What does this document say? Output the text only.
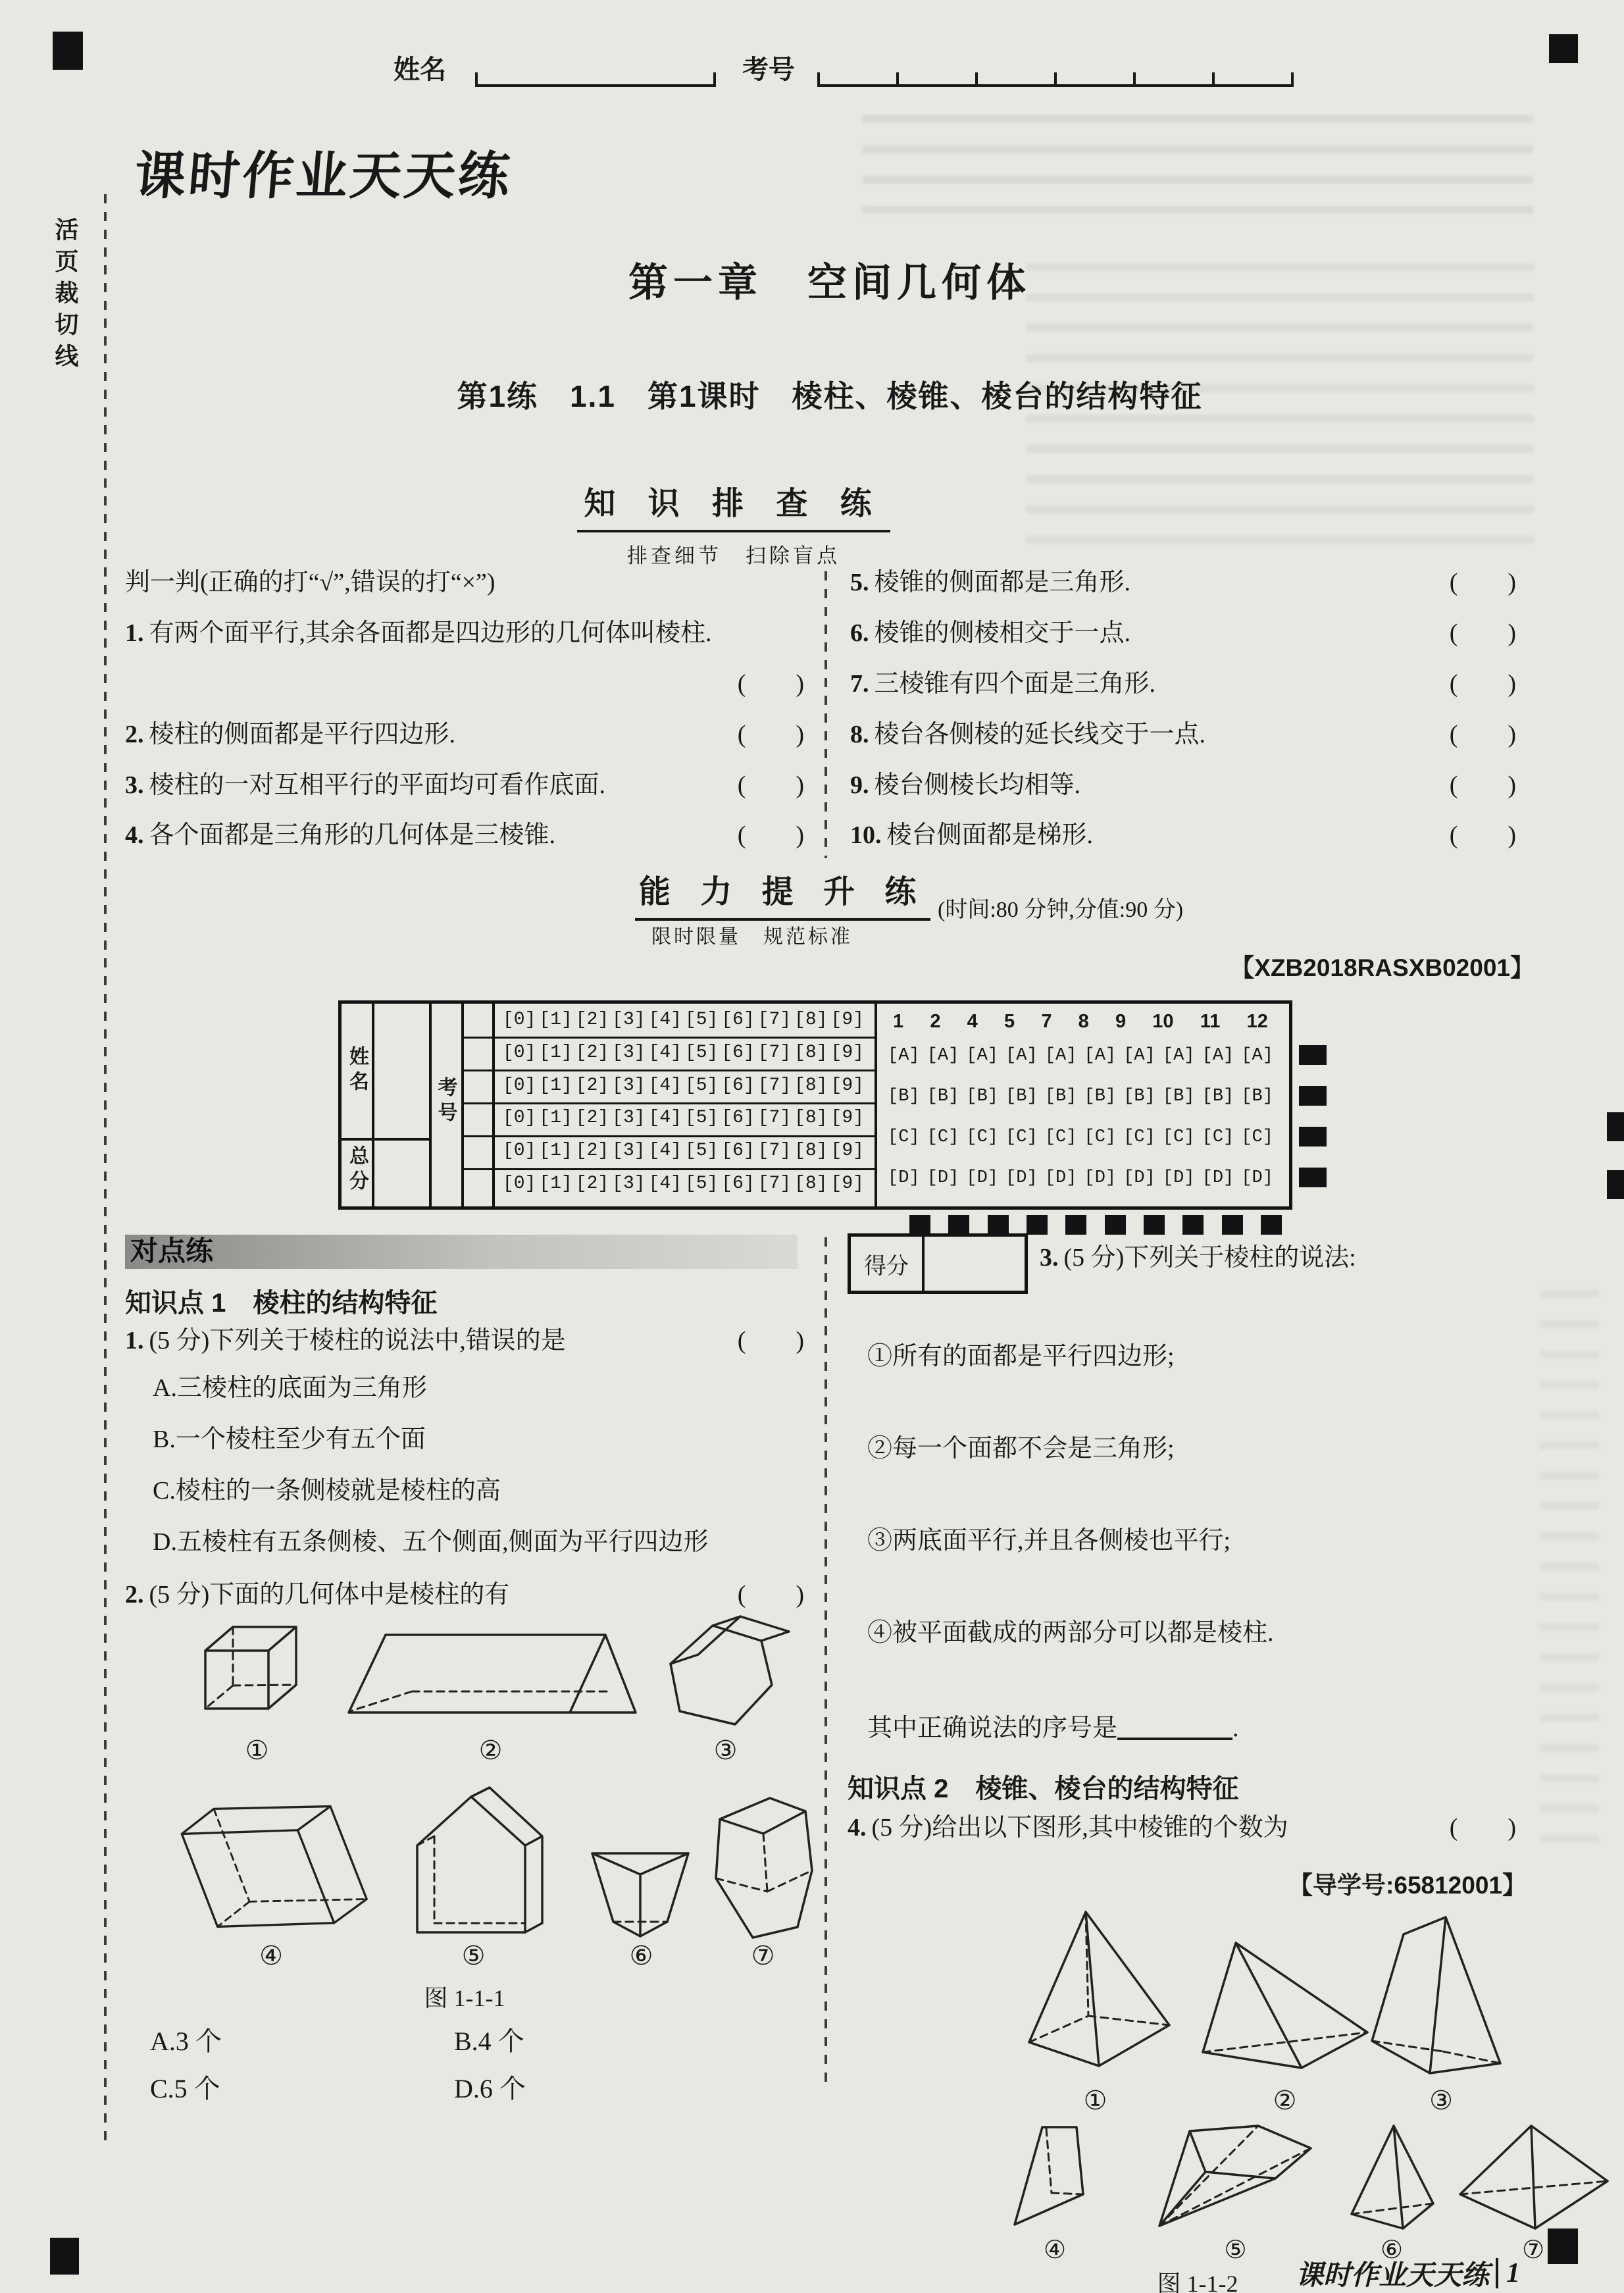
姓名	考号
活页裁切线
课时作业天天练
第一章　空间几何体
第1练　1.1　第1课时　棱柱、棱锥、棱台的结构特征
知 识 排 查 练
排查细节　扫除盲点
判一判(正确的打“√”,错误的打“×”)
1. 有两个面平行,其余各面都是四边形的几何体叫棱柱.
(　　)
2. 棱柱的侧面都是平行四边形.	(　　)
3. 棱柱的一对互相平行的平面均可看作底面.	(　　)
4. 各个面都是三角形的几何体是三棱锥.	(　　)
5. 棱锥的侧面都是三角形.	(　　)
6. 棱锥的侧棱相交于一点.	(　　)
7. 三棱锥有四个面是三角形.	(　　)
8. 棱台各侧棱的延长线交于一点.	(　　)
9. 棱台侧棱长均相等.	(　　)
10. 棱台侧面都是梯形.	(　　)
能 力 提 升 练
限时限量　规范标准
(时间:80 分钟,分值:90 分)
【XZB2018RASXB02001】
姓名
总分
考号
[0] [1] [2] [3] [4] [5] [6] [7] [8] [9]
[0] [1] [2] [3] [4] [5] [6] [7] [8] [9]
[0] [1] [2] [3] [4] [5] [6] [7] [8] [9]
[0] [1] [2] [3] [4] [5] [6] [7] [8] [9]
[0] [1] [2] [3] [4] [5] [6] [7] [8] [9]
[0] [1] [2] [3] [4] [5] [6] [7] [8] [9]
1 2 4 5 7 8 9 10 11 12
[A] [A] [A] [A] [A] [A] [A] [A] [A] [A]
[B] [B] [B] [B] [B] [B] [B] [B] [B] [B]
[C] [C] [C] [C] [C] [C] [C] [C] [C] [C]
[D] [D] [D] [D] [D] [D] [D] [D] [D] [D]
对点练
知识点 1 棱柱的结构特征
1. (5 分)下列关于棱柱的说法中,错误的是	(　　)
A.三棱柱的底面为三角形
B.一个棱柱至少有五个面
C.棱柱的一条侧棱就是棱柱的高
D.五棱柱有五条侧棱、五个侧面,侧面为平行四边形
2. (5 分)下面的几何体中是棱柱的有	(　　)
①	②	③
④	⑤	⑥	⑦
图 1-1-1
A.3 个	B.4 个
C.5 个	D.6 个
得分	3. (5 分)下列关于棱柱的说法:
①所有的面都是平行四边形;
②每一个面都不会是三角形;
③两底面平行,并且各侧棱也平行;
④被平面截成的两部分可以都是棱柱.
其中正确说法的序号是	.
知识点 2 棱锥、棱台的结构特征
4. (5 分)给出以下图形,其中棱锥的个数为	(　　)
【导学号:65812001】
①	②	③
④	⑤	⑥	⑦
图 1-1-2	课时作业天天练 1
